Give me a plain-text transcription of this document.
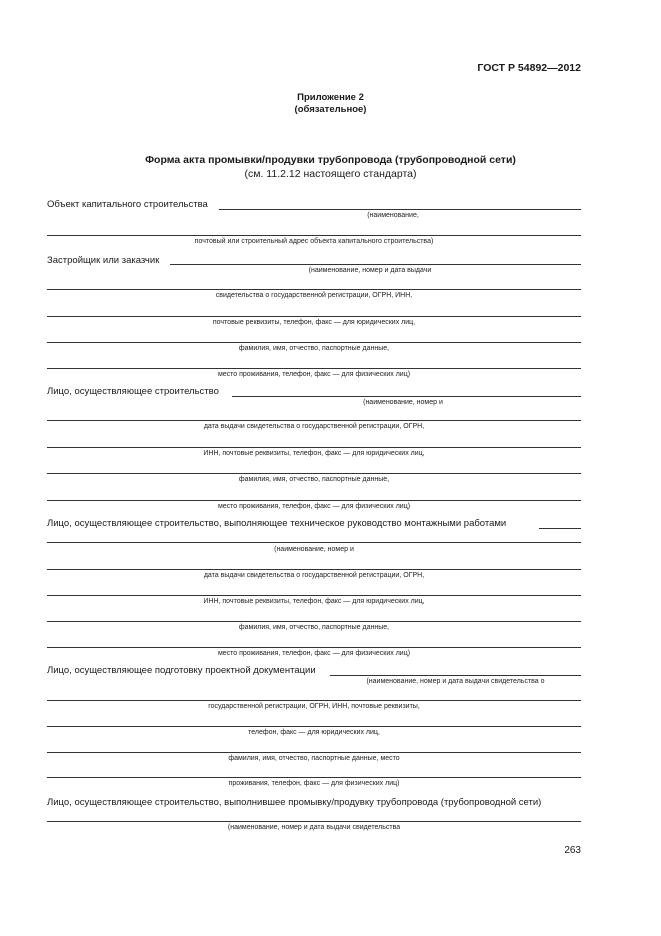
ГОСТ Р 54892—2012
Приложение 2
(обязательное)
Форма акта промывки/продувки трубопровода (трубопроводной сети)
(см. 11.2.12 настоящего стандарта)
Объект капитального строительства
(наименование,
почтовый или строительный адрес объекта капитального строительства)
Застройщик или заказчик
(наименование, номер и дата выдачи
свидетельства о государственной регистрации, ОГРН, ИНН,
почтовые реквизиты, телефон, факс — для юридических лиц,
фамилия, имя, отчество, паспортные данные,
место проживания, телефон, факс — для физических лиц)
Лицо, осуществляющее строительство
(наименование, номер и
дата выдачи свидетельства о государственной регистрации, ОГРН,
ИНН, почтовые реквизиты, телефон, факс — для юридических лиц,
фамилия, имя, отчество, паспортные данные,
место проживания, телефон, факс — для физических лиц)
Лицо, осуществляющее строительство, выполняющее техническое руководство монтажными работами
(наименование, номер и
дата выдачи свидетельства о государственной регистрации, ОГРН,
ИНН, почтовые реквизиты, телефон, факс — для юридических лиц,
фамилия, имя, отчество, паспортные данные,
место проживания, телефон, факс — для физических лиц)
Лицо, осуществляющее подготовку проектной документации
(наименование, номер и дата выдачи свидетельства о
государственной регистрации, ОГРН, ИНН, почтовые реквизиты,
телефон, факс — для юридических лиц,
фамилия, имя, отчество, паспортные данные, место
проживания, телефон, факс — для физических лиц)
Лицо, осуществляющее строительство, выполнившее промывку/продувку трубопровода (трубопроводной сети)
(наименование, номер и дата выдачи свидетельства
263
